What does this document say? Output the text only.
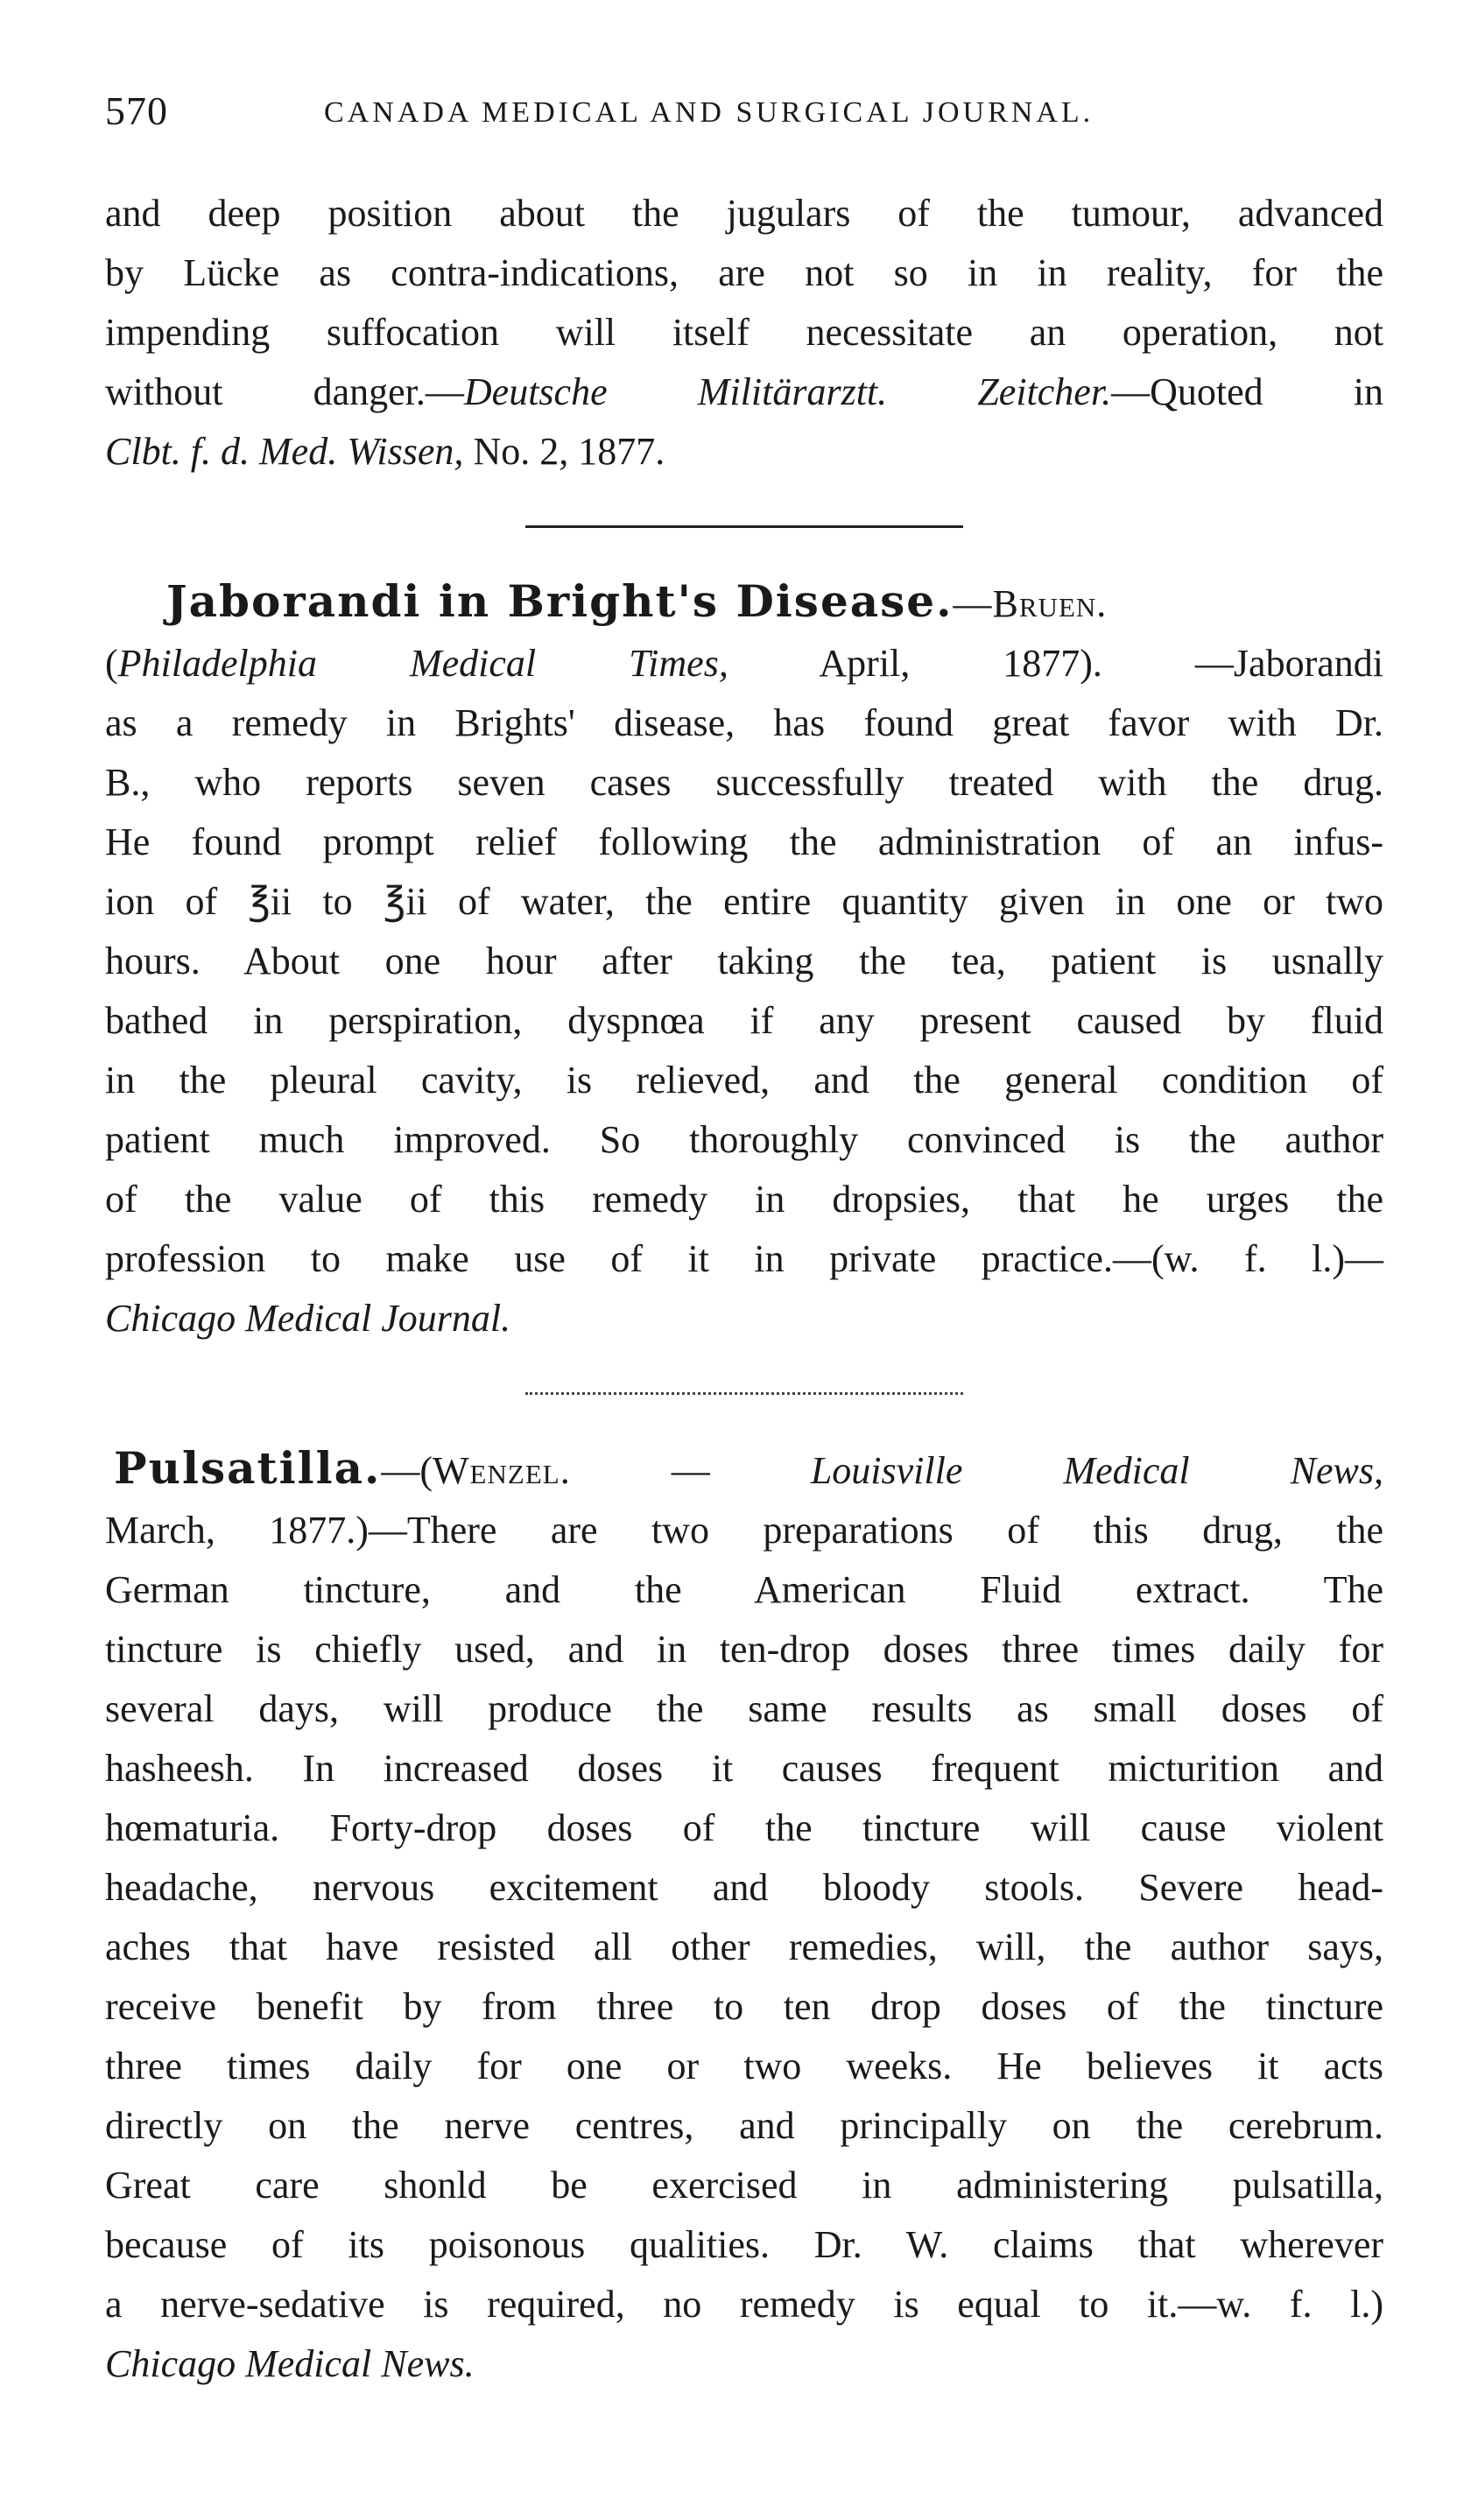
570	CANADA MEDICAL AND SURGICAL JOURNAL.
and deep position about the jugulars of the tumour, advanced
by Lücke as contra-indications, are not so in in reality, for the
impending suffocation will itself necessitate an operation, not
without danger.—Deutsche Militärarztt. Zeitcher.—Quoted in
Clbt. f. d. Med. Wissen, No. 2, 1877.
Jaborandi in Bright's Disease.—Bruen.
(Philadelphia Medical Times, April, 1877). —Jaborandi
as a remedy in Brights' disease, has found great favor with Dr.
B., who reports seven cases successfully treated with the drug.
He found prompt relief following the administration of an infus-
ion of ℥ii to ℥ii of water, the entire quantity given in one or two
hours. About one hour after taking the tea, patient is usnally
bathed in perspiration, dyspnœa if any present caused by fluid
in the pleural cavity, is relieved, and the general condition of
patient much improved. So thoroughly convinced is the author
of the value of this remedy in dropsies, that he urges the
profession to make use of it in private practice.—(w. f. l.)—
Chicago Medical Journal.
Pulsatilla.—(Wenzel. — Louisville Medical News,
March, 1877.)—There are two preparations of this drug, the
German tincture, and the American Fluid extract. The
tincture is chiefly used, and in ten-drop doses three times daily for
several days, will produce the same results as small doses of
hasheesh. In increased doses it causes frequent micturition and
hœmaturia. Forty-drop doses of the tincture will cause violent
headache, nervous excitement and bloody stools. Severe head-
aches that have resisted all other remedies, will, the author says,
receive benefit by from three to ten drop doses of the tincture
three times daily for one or two weeks. He believes it acts
directly on the nerve centres, and principally on the cerebrum.
Great care shonld be exercised in administering pulsatilla,
because of its poisonous qualities. Dr. W. claims that wherever
a nerve-sedative is required, no remedy is equal to it.—w. f. l.)
Chicago Medical News.
